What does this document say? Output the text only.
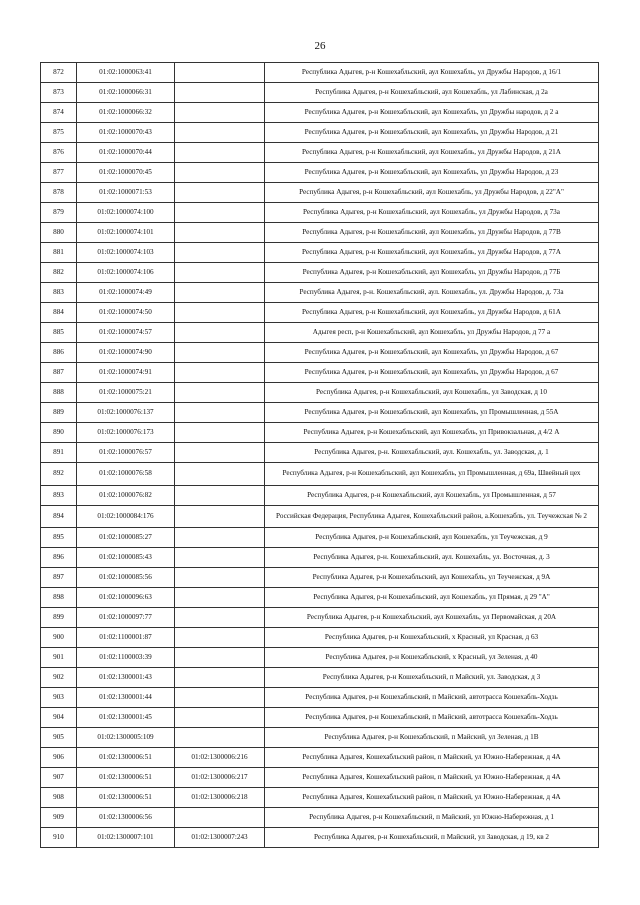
26
872	01:02:1000063:41		Республика Адыгея, р-н Кошехабльский, аул Кошехабль, ул Дружбы Народов, д 16/1
873	01:02:1000066:31		Республика Адыгея, р-н Кошехабльский, аул Кошехабль, ул Лабинская, д 2а
874	01:02:1000066:32		Республика Адыгея, р-н Кошехабльский, аул Кошехабль, ул Дружбы народов, д 2 а
875	01:02:1000070:43		Республика Адыгея, р-н Кошехабльский, аул Кошехабль, ул Дружбы Народов, д 21
876	01:02:1000070:44		Республика Адыгея, р-н Кошехабльский, аул Кошехабль, ул Дружбы Народов, д 21А
877	01:02:1000070:45		Республика Адыгея, р-н Кошехабльский, аул Кошехабль, ул Дружбы Народов, д 23
878	01:02:1000071:53		Республика Адыгея, р-н Кошехабльский, аул Кошехабль, ул Дружбы Народов, д 22"А"
879	01:02:1000074:100		Республика Адыгея, р-н Кошехабльский, аул Кошехабль, ул Дружбы Народов, д 73а
880	01:02:1000074:101		Республика Адыгея, р-н Кошехабльский, аул Кошехабль, ул Дружбы Народов, д 77В
881	01:02:1000074:103		Республика Адыгея, р-н Кошехабльский, аул Кошехабль, ул Дружбы Народов, д 77А
882	01:02:1000074:106		Республика Адыгея, р-н Кошехабльский, аул Кошехабль, ул Дружбы Народов, д 77Б
883	01:02:1000074:49		Республика Адыгея, р-н. Кошехабльский, аул. Кошехабль, ул. Дружбы Народов, д. 73а
884	01:02:1000074:50		Республика Адыгея, р-н Кошехабльский, аул Кошехабль, ул Дружбы Народов, д 61А
885	01:02:1000074:57		Адыгея респ, р-н Кошехабльский, аул Кошехабль, ул Дружбы Народов, д 77 а
886	01:02:1000074:90		Республика Адыгея, р-н Кошехабльский, аул Кошехабль, ул Дружбы Народов, д 67
887	01:02:1000074:91		Республика Адыгея, р-н Кошехабльский, аул Кошехабль, ул Дружбы Народов, д 67
888	01:02:1000075:21		Республика Адыгея, р-н Кошехабльский, аул Кошехабль, ул Заводская, д 10
889	01:02:1000076:137		Республика Адыгея, р-н Кошехабльский, аул Кошехабль, ул Промышленная, д 55А
890	01:02:1000076:173		Республика Адыгея, р-н Кошехабльский, аул Кошехабль, ул Привокзальная, д 4/2 А
891	01:02:1000076:57		Республика Адыгея, р-н. Кошехабльский, аул. Кошехабль, ул. Заводская, д. 1
892	01:02:1000076:58		Республика Адыгея, р-н Кошехабльский, аул Кошехабль, ул Промышленная, д 69а, Швейный цех
893	01:02:1000076:82		Республика Адыгея, р-н Кошехабльский, аул Кошехабль, ул Промышленная, д 57
894	01:02:1000084:176		Российская Федерация, Республика Адыгея, Кошехабльский район, а.Кошехабль, ул. Теучежская № 2
895	01:02:1000085:27		Республика Адыгея, р-н Кошехабльский, аул Кошехабль, ул Теучежская, д 9
896	01:02:1000085:43		Республика Адыгея, р-н. Кошехабльский, аул. Кошехабль, ул. Восточная, д. 3
897	01:02:1000085:56		Республика Адыгея, р-н Кошехабльский, аул Кошехабль, ул Теучежская, д 9А
898	01:02:1000096:63		Республика Адыгея, р-н Кошехабльский, аул Кошехабль, ул Прямая, д 29 "А"
899	01:02:1000097:77		Республика Адыгея, р-н Кошехабльский, аул Кошехабль, ул Первомайская, д 20А
900	01:02:1100001:87		Республика Адыгея, р-н Кошехабльский, х Красный, ул Красная, д 63
901	01:02:1100003:39		Республика Адыгея, р-н Кошехабльский, х Красный, ул Зеленая, д 40
902	01:02:1300001:43		Республика Адыгея, р-н Кошехабльский, п Майский, ул. Заводская, д 3
903	01:02:1300001:44		Республика Адыгея, р-н Кошехабльский, п Майский, автотрасса Кошехабль-Ходзь
904	01:02:1300001:45		Республика Адыгея, р-н Кошехабльский, п Майский, автотрасса Кошехабль-Ходзь
905	01:02:1300005:109		Республика Адыгея, р-н Кошехабльский, п Майский, ул Зеленая, д 1В
906	01:02:1300006:51	01:02:1300006:216	Республика Адыгея, Кошехабльский район, п Майский, ул Южно-Набережная, д 4А
907	01:02:1300006:51	01:02:1300006:217	Республика Адыгея, Кошехабльский район, п Майский, ул Южно-Набережная, д 4А
908	01:02:1300006:51	01:02:1300006:218	Республика Адыгея, Кошехабльский район, п Майский, ул Южно-Набережная, д 4А
909	01:02:1300006:56		Республика Адыгея, р-н Кошехабльский, п Майский, ул Южно-Набережная, д 1
910	01:02:1300007:101	01:02:1300007:243	Республика Адыгея, р-н Кошехабльский, п Майский, ул Заводская, д 19, кв 2
